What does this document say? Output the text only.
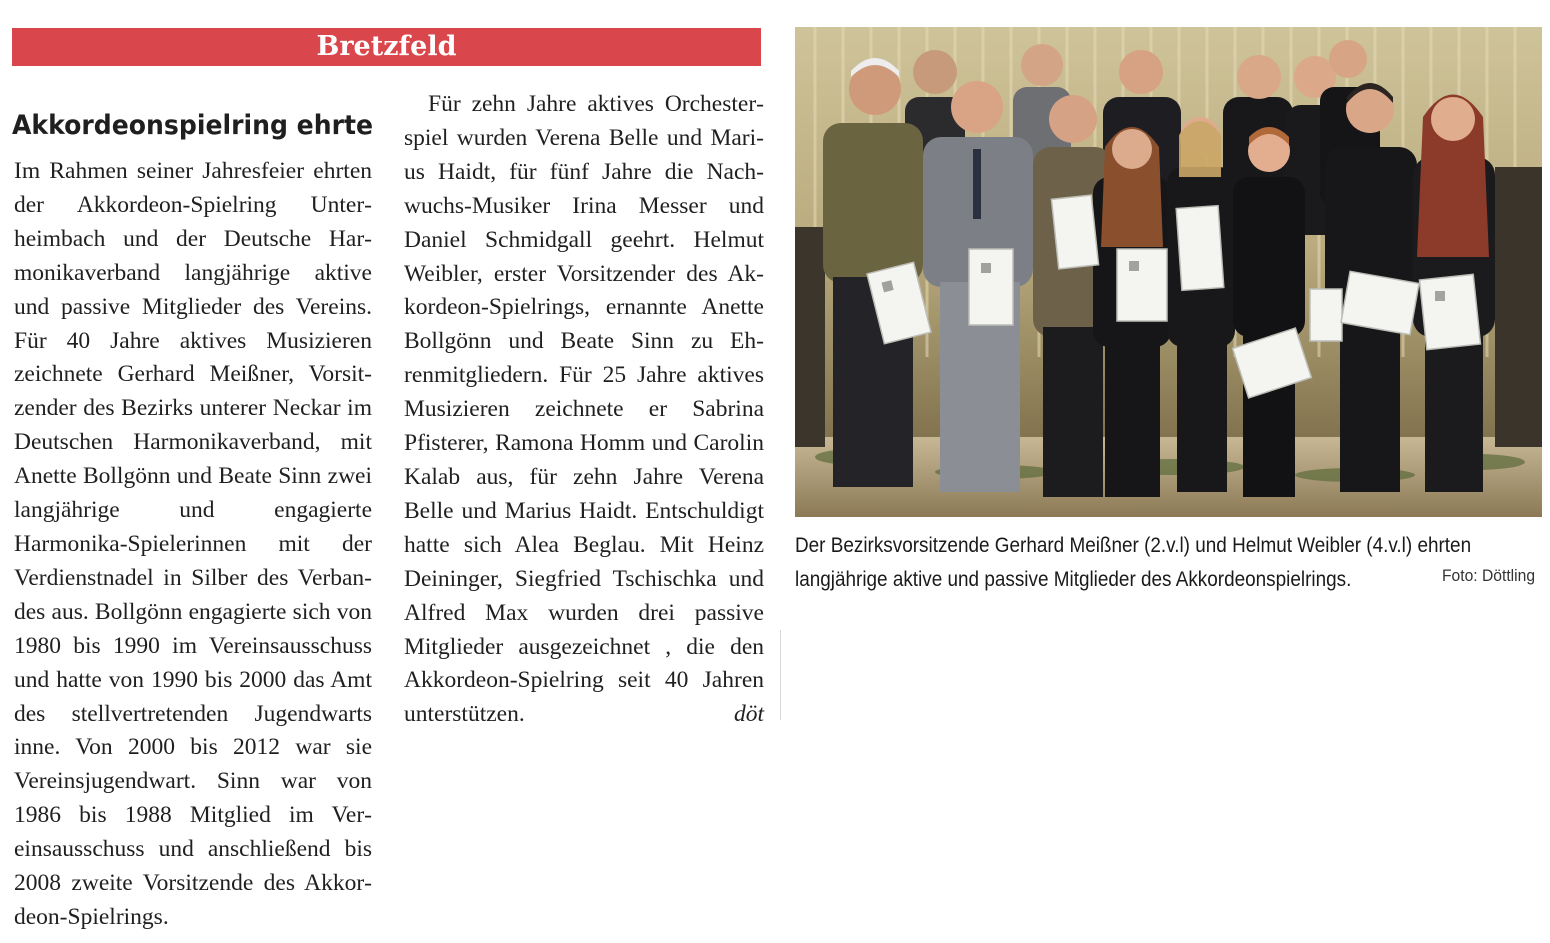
Bretzfeld
Akkordeonspielring ehrte

Im Rahmen seiner Jahresfeier ehrten der Akkordeon-Spielring Unterheimbach und der Deutsche Harmonikaverband langjährige aktive und passive Mitglieder des Vereins. Für 40 Jahre aktives Musizieren zeichnete Gerhard Meißner, Vorsitzender des Bezirks unterer Neckar im Deutschen Harmonikaverband, mit Anette Bollgönn und Beate Sinn zwei langjährige und engagierte Harmonika-Spielerinnen mit der Verdienstnadel in Silber des Verbandes aus. Bollgönn engagierte sich von 1980 bis 1990 im Vereinsausschuss und hatte von 1990 bis 2000 das Amt des stellvertretenden Jugendwarts inne. Von 2000 bis 2012 war sie Vereinsjugendwart. Sinn war von 1986 bis 1988 Mitglied im Vereinsausschuss und anschließend bis 2008 zweite Vorsitzende des Akkordeon-Spielrings.

Für zehn Jahre aktives Orchesterspiel wurden Verena Belle und Marius Haidt, für fünf Jahre die Nachwuchs-Musiker Irina Messer und Daniel Schmidgall geehrt. Helmut Weibler, erster Vorsitzender des Akkordeon-Spielrings, ernannte Anette Bollgönn und Beate Sinn zu Ehrenmitgliedern. Für 25 Jahre aktives Musizieren zeichnete er Sabrina Pfisterer, Ramona Homm und Carolin Kalab aus, für zehn Jahre Verena Belle und Marius Haidt. Entschuldigt hatte sich Alea Beglau. Mit Heinz Deininger, Siegfried Tschischka und Alfred Max wurden drei passive Mitglieder ausgezeichnet , die den Akkordeon-Spielring seit 40 Jahren unterstützen.	döt

Der Bezirksvorsitzende Gerhard Meißner (2.v.l) und Helmut Weibler (4.v.l) ehrten
langjährige aktive und passive Mitglieder des Akkordeonspielrings.	Foto: Döttling
